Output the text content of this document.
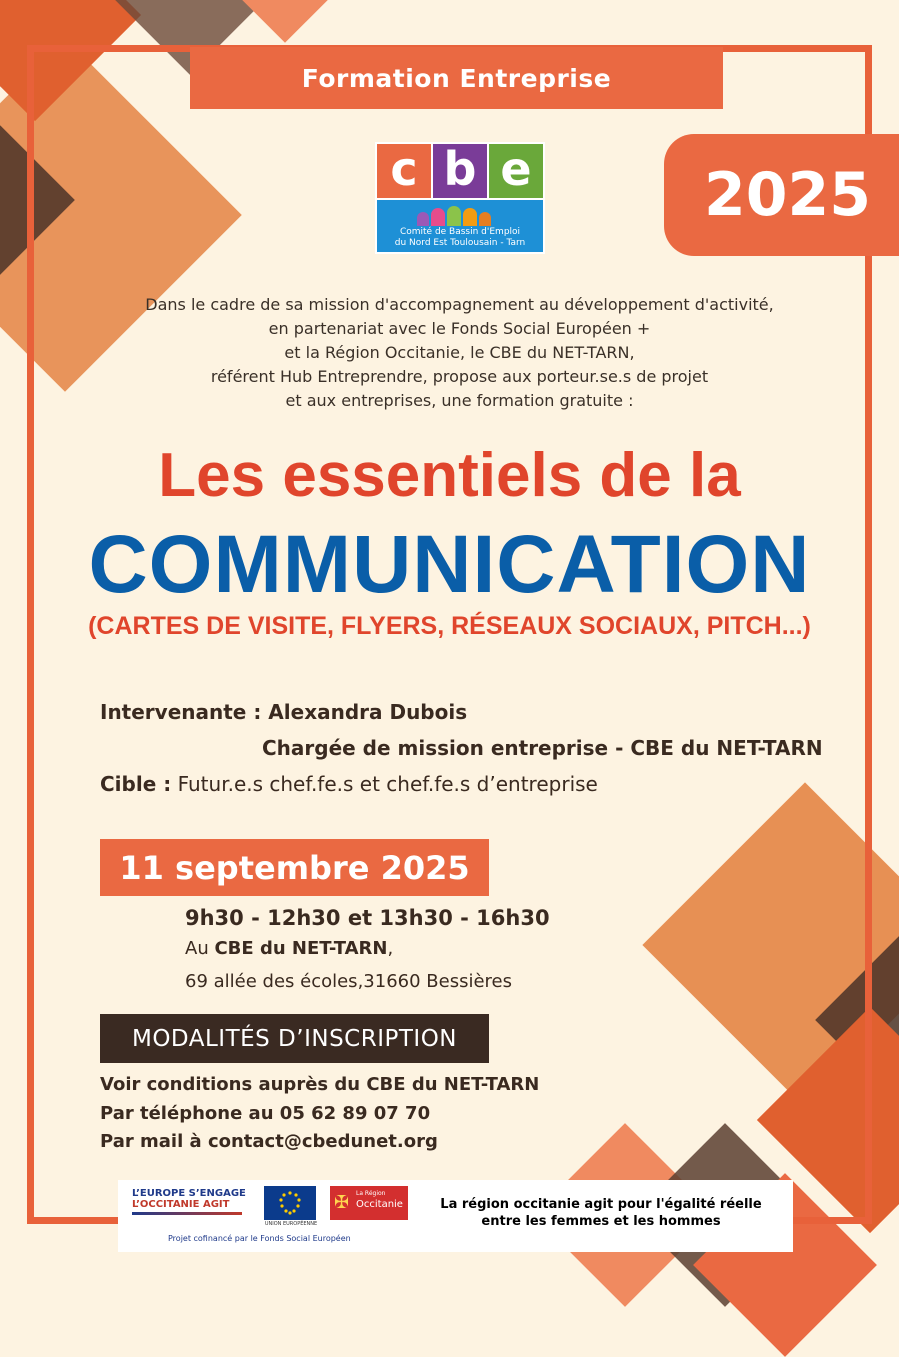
Formation Entreprise
2025
c b e
Comité de Bassin d'Emploi
du Nord Est Toulousain - Tarn
Dans le cadre de sa mission d'accompagnement au développement d'activité,
en partenariat avec le Fonds Social Européen +
et la Région Occitanie, le CBE du NET-TARN,
référent Hub Entreprendre, propose aux porteur.se.s de projet
et aux entreprises, une formation gratuite :
Les essentiels de la
COMMUNICATION
(CARTES DE VISITE, FLYERS, RÉSEAUX SOCIAUX, PITCH...)
Intervenante : Alexandra Dubois
Chargée de mission entreprise - CBE du NET-TARN
Cible : Futur.e.s chef.fe.s et chef.fe.s d’entreprise
11 septembre 2025
9h30 - 12h30 et 13h30 - 16h30
Au CBE du NET-TARN,
69 allée des écoles,31660 Bessières
MODALITÉS D’INSCRIPTION
Voir conditions auprès du CBE du NET-TARN
Par téléphone au 05 62 89 07 70
Par mail à contact@cbedunet.org
L’EUROPE S’ENGAGE
L’OCCITANIE AGIT
UNION EUROPÉENNE
✠	La Région
Occitanie
Projet cofinancé par le Fonds Social Européen
La région occitanie agit pour l'égalité réelle
entre les femmes et les hommes
